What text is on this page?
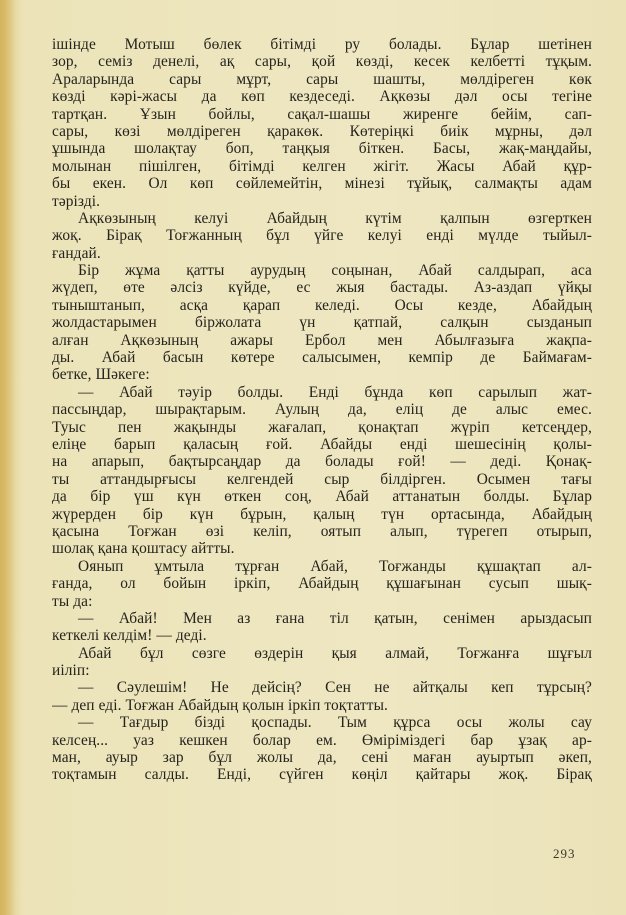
ішінде Мотыш бөлек бітімді ру болады. Бұлар шетінен
зор, семіз денелі, ақ сары, қой көзді, кесек келбетті тұқым.
Араларында сары мұрт, сары шашты, мөлдіреген көк
көзді кәрі-жасы да көп кездеседі. Ақкөзы дәл осы тегіне
тартқан. Ұзын бойлы, сақал-шашы жиренге бейім, сап-
сары, көзі мөлдіреген қаракөк. Көтеріңкі биік мұрны, дәл
ұшында шолақтау боп, таңқыя біткен. Басы, жақ-маңдайы,
молынан пішілген, бітімді келген жігіт. Жасы Абай құр-
бы екен. Ол көп сөйлемейтін, мінезі тұйық, салмақты адам
тәрізді.
Ақкөзының келуі Абайдың күтім қалпын өзгерткен
жоқ. Бірақ Тоғжанның бұл үйге келуі енді мүлде тыйыл-
ғандай.
Бір жұма қатты аурудың соңынан, Абай салдырап, аса
жүдеп, өте әлсіз күйде, ес жыя бастады. Аз-аздап үйқы
тыныштанып, асқа қарап келеді. Осы кезде, Абайдың
жолдастарымен біржолата үн қатпай, салқын сызданып
алған Ақкөзының ажары Ербол мен Абылғазыға жақпа-
ды. Абай басын көтере салысымен, кемпір де Баймағам-
бетке, Шәкеге:
— Абай тәуір болды. Енді бұнда көп сарылып жат-
пассыңдар, шырақтарым. Аулың да, еліц де алыс емес.
Туыс пен жақынды жағалап, қонақтап жүріп кетсеңдер,
еліңе барып қаласың ғой. Абайды енді шешесінің қолы-
на апарып, бақтырсаңдар да болады ғой! — деді. Қонақ-
ты аттандырғысы келгендей сыр білдірген. Осымен тағы
да бір үш күн өткен соң, Абай аттанатын болды. Бұлар
жүрерден бір күн бұрын, қалың түн ортасында, Абайдың
қасына Тоғжан өзі келіп, оятып алып, түрегеп отырып,
шолақ қана қоштасу айтты.
Оянып ұмтыла тұрған Абай, Тоғжанды құшақтап ал-
ғанда, ол бойын іркіп, Абайдың құшағынан сусып шық-
ты да:
— Абай! Мен аз ғана тіл қатын, сенімен арыздасып
кеткелі келдім! — деді.
Абай бұл сөзге өздерін қыя алмай, Тоғжанға шұғыл
иіліп:
— Сәулешім! Не дейсің? Сен не айтқалы кеп тұрсың?
— деп еді. Тоғжан Абайдың қолын іркіп тоқтатты.
— Тағдыр бізді қоспады. Тым құрса осы жолы сау
келсең... уаз кешкен болар ем. Өміріміздегі бар ұзақ ар-
ман, ауыр зар бұл жолы да, сені маған ауыртып әкеп,
тоқтамын салды. Енді, сүйген көңіл қайтары жоқ. Бірақ
293
